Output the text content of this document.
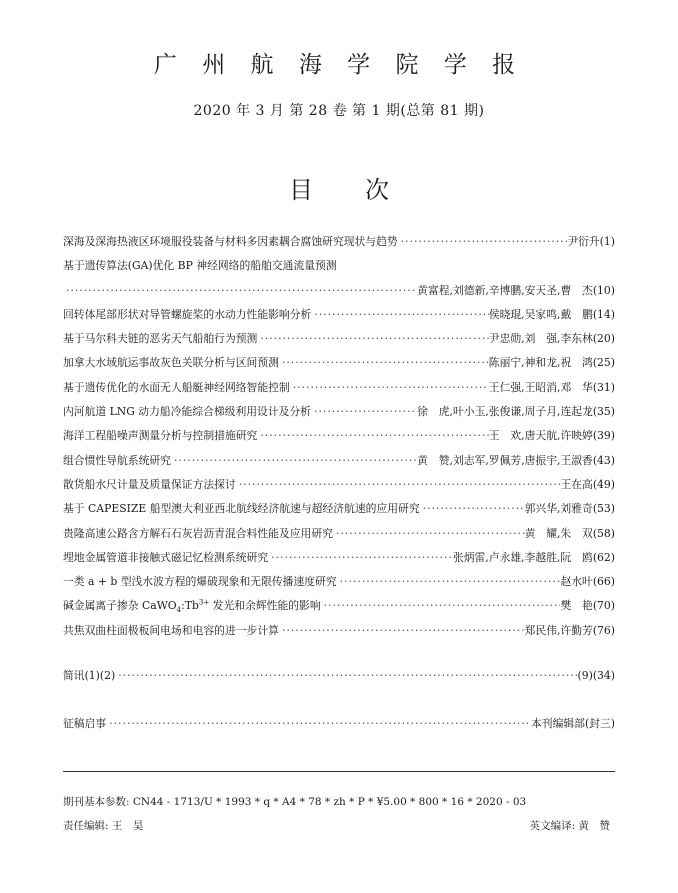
广 州 航 海 学 院 学 报
2020 年 3 月 第 28 卷 第 1 期(总第 81 期)
目 次
深海及深海热液区环境服役装备与材料多因素耦合腐蚀研究现状与趋势 ·····	尹衍升(1)
基于遗传算法(GA)优化 BP 神经网络的船舶交通流量预测
·····
黄富程,刘德新,辛博鹏,安天圣,曹　杰(10)
回转体尾部形状对导管螺旋桨的水动力性能影响分析 ·····	侯晓琨,吴家鸣,戴　鹏(14)
基于马尔科夫链的恶劣天气船舶行为预测 ·····	尹忠勋,刘　强,李东林(20)
加拿大水域航运事故灰色关联分析与区间预测 ·····	陈丽宁,神和龙,祝　鸿(25)
基于遗传优化的水面无人船艇神经网络智能控制 ·····	王仁强,王昭消,邓　华(31)
内河航道 LNG 动力船冷能综合梯级利用设计及分析 ·····	徐　虎,叶小玉,张俊谦,周子月,连起龙(35)
海洋工程船噪声测量分析与控制措施研究 ·····	王　欢,唐天航,许映婷(39)
组合惯性导航系统研究 ·····	黄　赞,刘志军,罗佩芳,唐振宇,王淑香(43)
散货船水尺计量及质量保证方法探讨 ·····	王在高(49)
基于 CAPESIZE 船型澳大利亚西北航线经济航速与超经济航速的应用研究 ·····	郭兴华,刘雅奇(53)
贵隆高速公路含方解石石灰岩沥青混合料性能及应用研究 ·····	黄　耀,朱　双(58)
埋地金属管道非接触式磁记忆检测系统研究 ·····	张炳雷,卢永雄,李越胜,阮　鸥(62)
一类 a + b 型浅水波方程的爆破现象和无限传播速度研究 ·····	赵水叶(66)
碱金属离子掺杂 $CaWO_4:Tb^{3+}$ 发光和余辉性能的影响 ·····	樊　艳(70)
共焦双曲柱面极板间电场和电容的进一步计算 ·····	郑民伟,许勤芳(76)
简讯(1)(2) ·····	(9)(34)
征稿启事 ·····	本刊编辑部(封三)
期刊基本参数: CN44 - 1713/U * 1993 * q * A4 * 78 * zh * P * ¥5.00 * 800 * 16 * 2020 - 03
责任编辑: 王　昊	英文编译: 黄　赞
